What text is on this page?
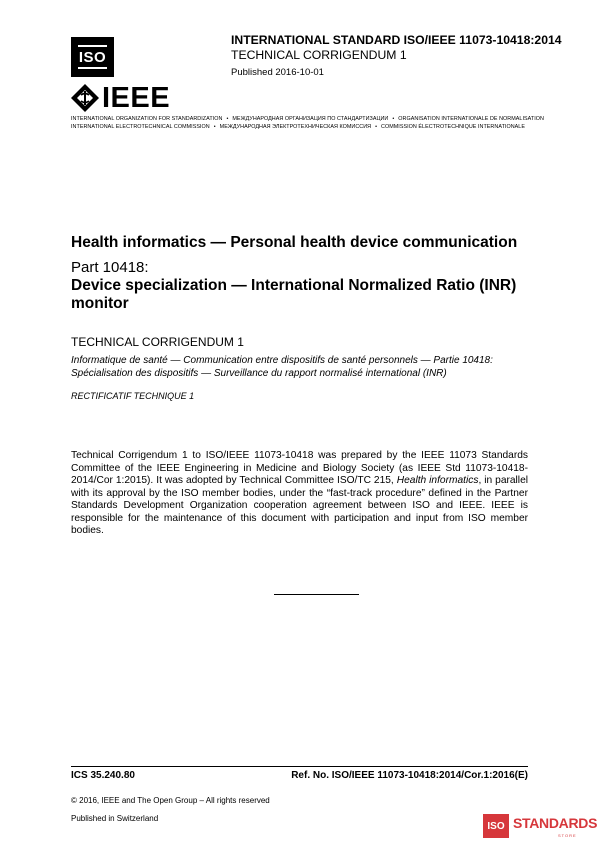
ISO
IEEE
INTERNATIONAL STANDARD ISO/IEEE 11073-10418:2014
TECHNICAL CORRIGENDUM 1
Published 2016-10-01
INTERNATIONAL ORGANIZATION FOR STANDARDIZATION • МЕЖДУНАРОДНАЯ ОРГАНИЗАЦИЯ ПО СТАНДАРТИЗАЦИИ • ORGANISATION INTERNATIONALE DE NORMALISATION
INTERNATIONAL ELECTROTECHNICAL COMMISSION • МЕЖДУНАРОДНАЯ ЭЛЕКТРОТЕХНИЧЕСКАЯ КОМИССИЯ • COMMISSION ÉLECTROTECHNIQUE INTERNATIONALE
Health informatics — Personal health device communication
Part 10418:
Device specialization — International Normalized Ratio (INR) monitor
TECHNICAL CORRIGENDUM 1
Informatique de santé — Communication entre dispositifs de santé personnels — Partie 10418: Spécialisation des dispositifs — Surveillance du rapport normalisé international (INR)
RECTIFICATIF TECHNIQUE 1
Technical Corrigendum 1 to ISO/IEEE 11073-10418 was prepared by the IEEE 11073 Standards Committee of the IEEE Engineering in Medicine and Biology Society (as IEEE Std 11073-10418-2014/Cor 1:2015). It was adopted by Technical Committee ISO/TC 215, Health informatics, in parallel with its approval by the ISO member bodies, under the “fast-track procedure” defined in the Partner Standards Development Organization cooperation agreement between ISO and IEEE. IEEE is responsible for the maintenance of this document with participation and input from ISO member bodies.
ICS 35.240.80	Ref. No. ISO/IEEE 11073-10418:2014/Cor.1:2016(E)
© 2016, IEEE and The Open Group – All rights reserved
Published in Switzerland
ISO STANDARDS
STORE
